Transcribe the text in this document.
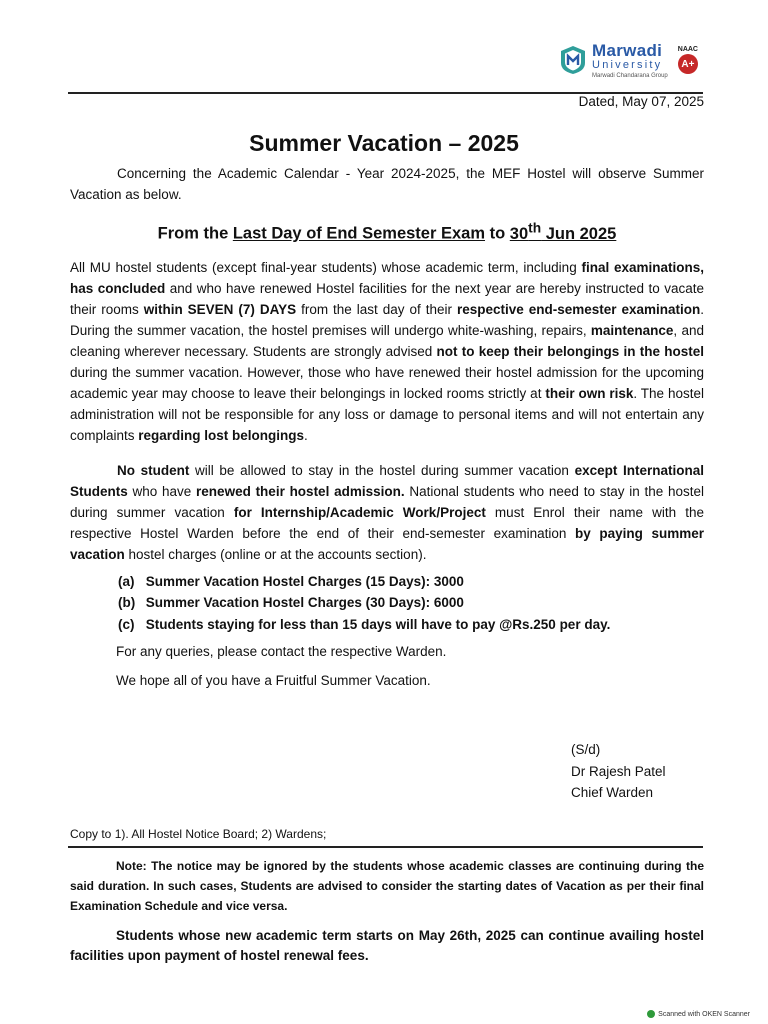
Marwadi
University
Marwadi Chandarana Group
NAAC
A+
Dated, May 07, 2025
Summer Vacation – 2025

Concerning the Academic Calendar - Year 2024-2025, the MEF Hostel will observe Summer Vacation as below.

From the Last Day of End Semester Exam to 30th Jun 2025

All MU hostel students (except final-year students) whose academic term, including final examinations, has concluded and who have renewed Hostel facilities for the next year are hereby instructed to vacate their rooms within SEVEN (7) DAYS from the last day of their respective end-semester examination. During the summer vacation, the hostel premises will undergo white-washing, repairs, maintenance, and cleaning wherever necessary. Students are strongly advised not to keep their belongings in the hostel during the summer vacation. However, those who have renewed their hostel admission for the upcoming academic year may choose to leave their belongings in locked rooms strictly at their own risk. The hostel administration will not be responsible for any loss or damage to personal items and will not entertain any complaints regarding lost belongings.

No student will be allowed to stay in the hostel during summer vacation except International Students who have renewed their hostel admission. National students who need to stay in the hostel during summer vacation for Internship/Academic Work/Project must Enrol their name with the respective Hostel Warden before the end of their end-semester examination by paying summer vacation hostel charges (online or at the accounts section).

(a) Summer Vacation Hostel Charges (15 Days): 3000
(b) Summer Vacation Hostel Charges (30 Days): 6000
(c) Students staying for less than 15 days will have to pay @Rs.250 per day.

For any queries, please contact the respective Warden.

We hope all of you have a Fruitful Summer Vacation.

(S/d)
Dr Rajesh Patel
Chief Warden
Copy to 1). All Hostel Notice Board; 2) Wardens;

Note: The notice may be ignored by the students whose academic classes are continuing during the said duration. In such cases, Students are advised to consider the starting dates of Vacation as per their final Examination Schedule and vice versa.

Students whose new academic term starts on May 26th, 2025 can continue availing hostel facilities upon payment of hostel renewal fees.

Scanned with OKEN Scanner
